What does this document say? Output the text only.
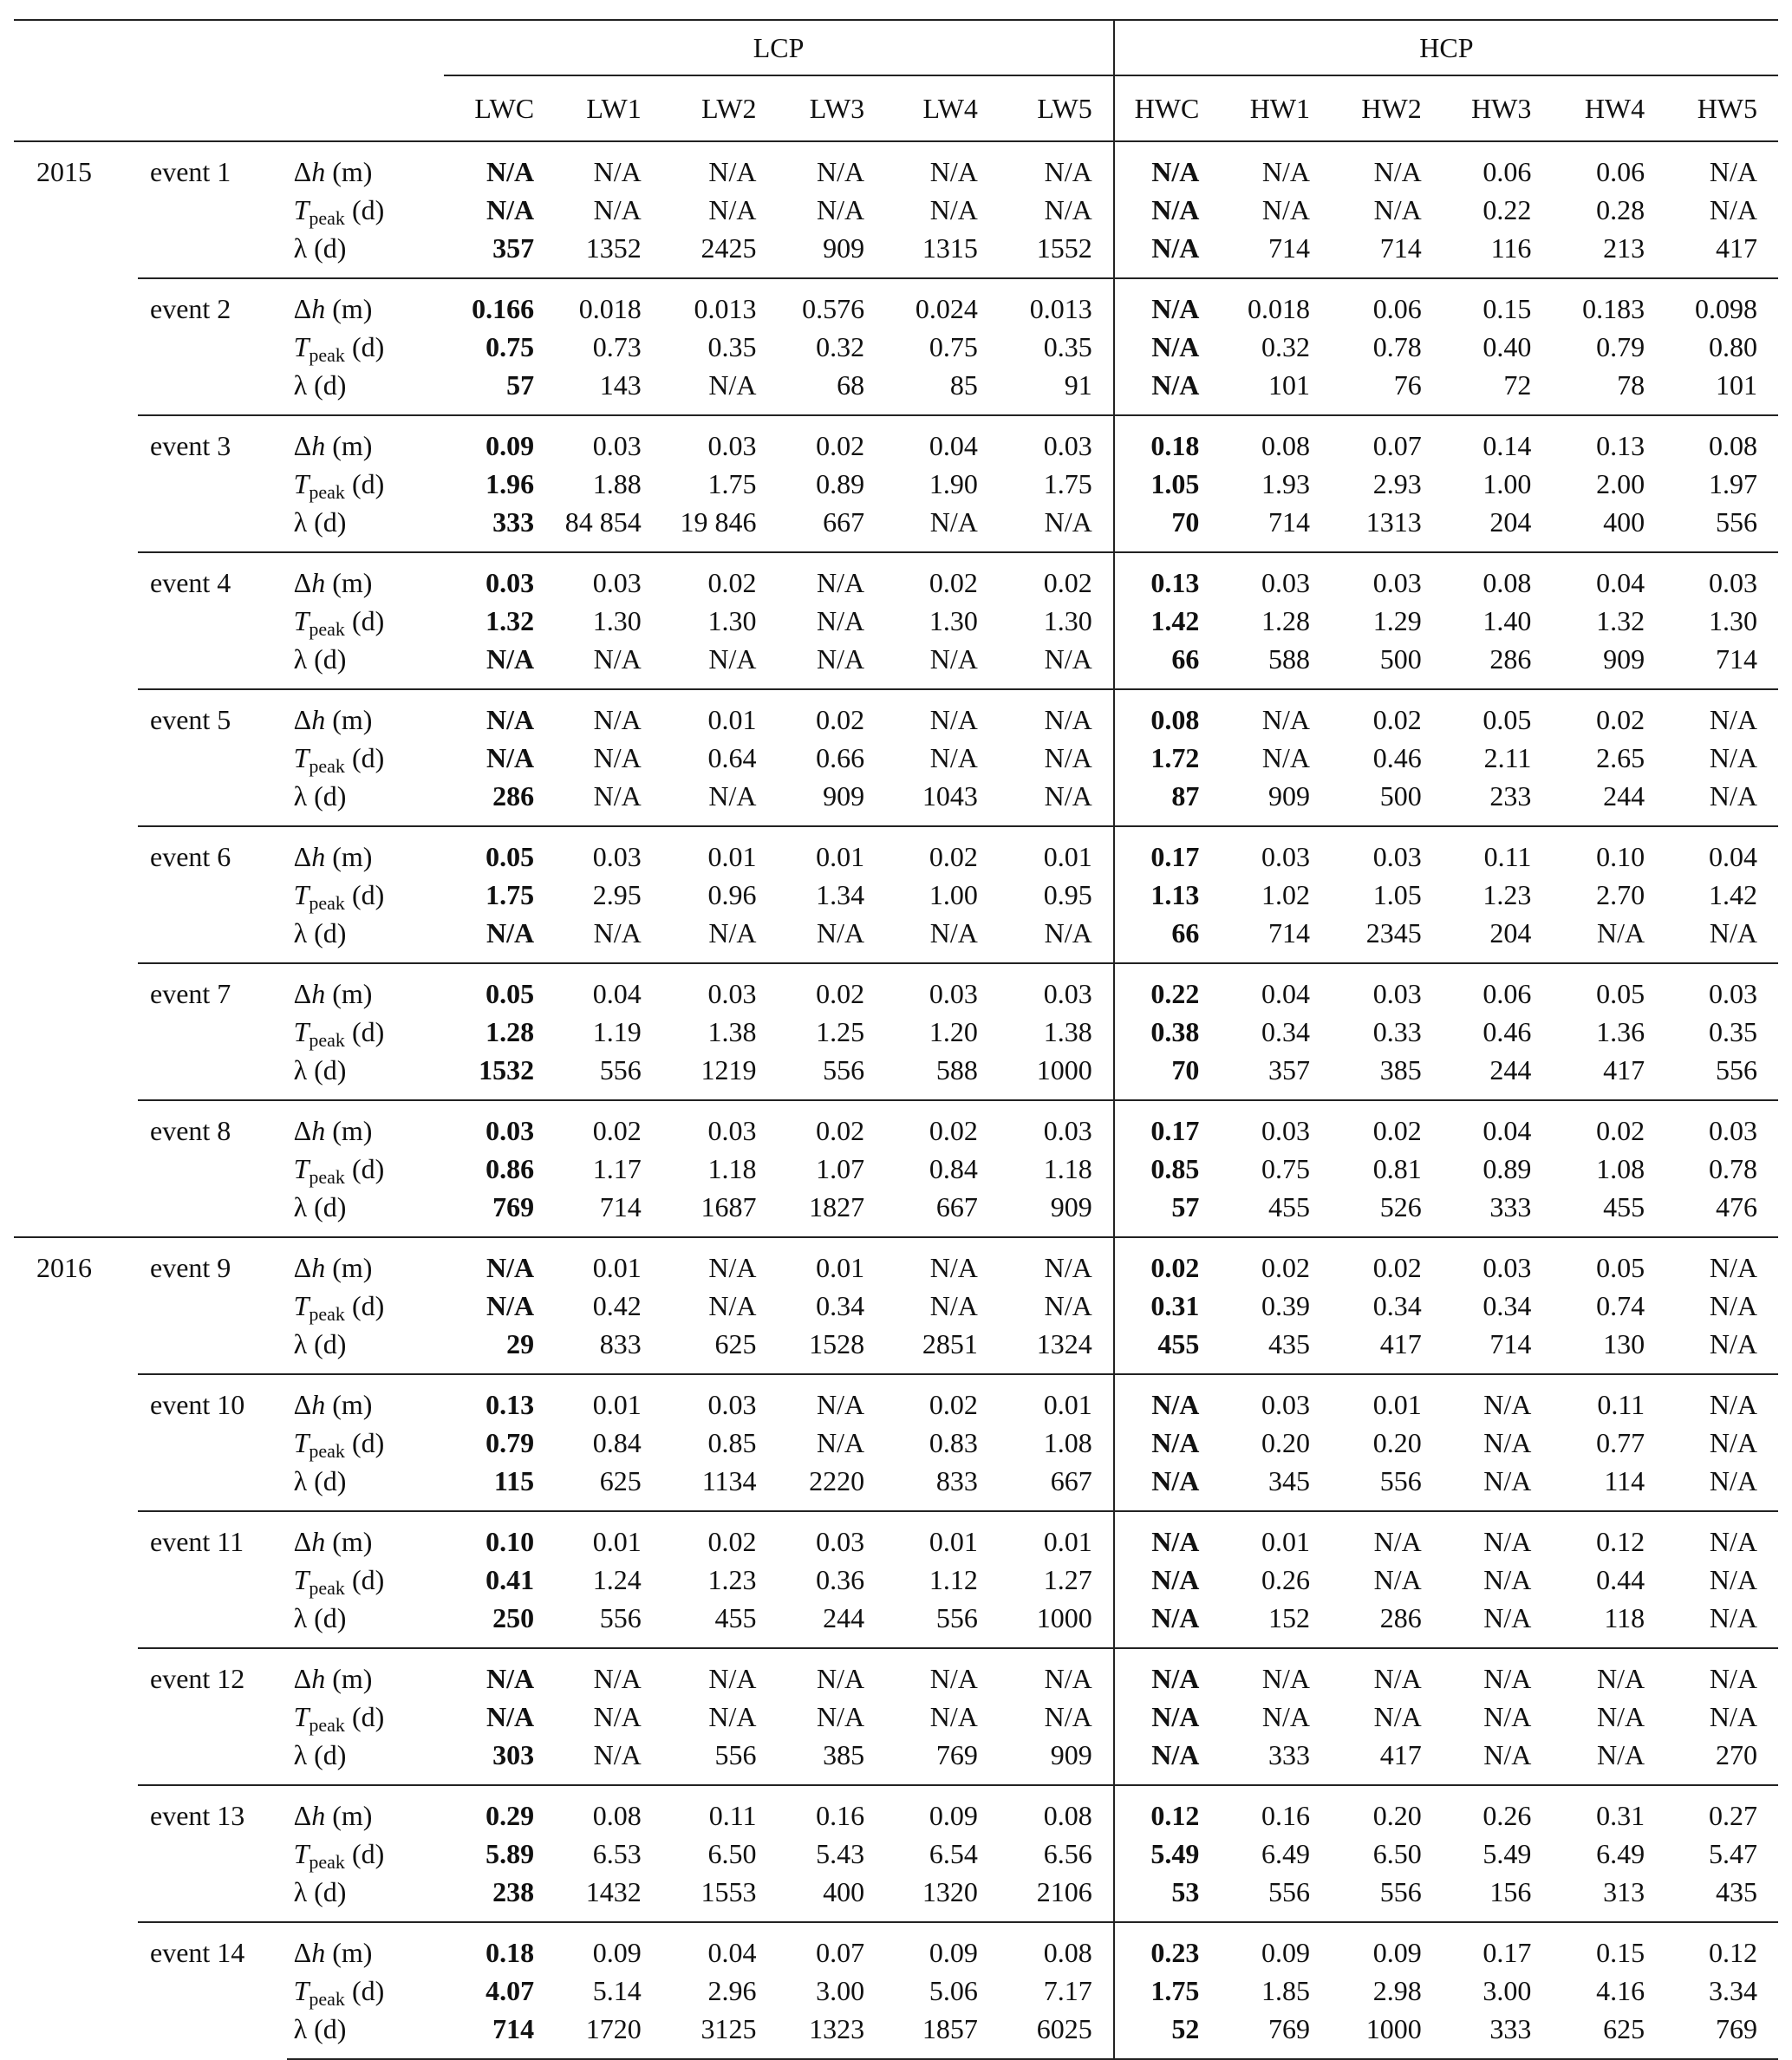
			LCP						HCP					
			LWC	LW1	LW2	LW3	LW4	LW5	HWC	HW1	HW2	HW3	HW4	HW5
2015	event 1	Δh (m)	N/A	N/A	N/A	N/A	N/A	N/A	N/A	N/A	N/A	0.06	0.06	N/A
		$T_{peak}$ (d)	N/A	N/A	N/A	N/A	N/A	N/A	N/A	N/A	N/A	0.22	0.28	N/A
		λ (d)	357	1352	2425	909	1315	1552	N/A	714	714	116	213	417
	event 2	Δh (m)	0.166	0.018	0.013	0.576	0.024	0.013	N/A	0.018	0.06	0.15	0.183	0.098
		$T_{peak}$ (d)	0.75	0.73	0.35	0.32	0.75	0.35	N/A	0.32	0.78	0.40	0.79	0.80
		λ (d)	57	143	N/A	68	85	91	N/A	101	76	72	78	101
	event 3	Δh (m)	0.09	0.03	0.03	0.02	0.04	0.03	0.18	0.08	0.07	0.14	0.13	0.08
		$T_{peak}$ (d)	1.96	1.88	1.75	0.89	1.90	1.75	1.05	1.93	2.93	1.00	2.00	1.97
		λ (d)	333	84 854	19 846	667	N/A	N/A	70	714	1313	204	400	556
	event 4	Δh (m)	0.03	0.03	0.02	N/A	0.02	0.02	0.13	0.03	0.03	0.08	0.04	0.03
		$T_{peak}$ (d)	1.32	1.30	1.30	N/A	1.30	1.30	1.42	1.28	1.29	1.40	1.32	1.30
		λ (d)	N/A	N/A	N/A	N/A	N/A	N/A	66	588	500	286	909	714
	event 5	Δh (m)	N/A	N/A	0.01	0.02	N/A	N/A	0.08	N/A	0.02	0.05	0.02	N/A
		$T_{peak}$ (d)	N/A	N/A	0.64	0.66	N/A	N/A	1.72	N/A	0.46	2.11	2.65	N/A
		λ (d)	286	N/A	N/A	909	1043	N/A	87	909	500	233	244	N/A
	event 6	Δh (m)	0.05	0.03	0.01	0.01	0.02	0.01	0.17	0.03	0.03	0.11	0.10	0.04
		$T_{peak}$ (d)	1.75	2.95	0.96	1.34	1.00	0.95	1.13	1.02	1.05	1.23	2.70	1.42
		λ (d)	N/A	N/A	N/A	N/A	N/A	N/A	66	714	2345	204	N/A	N/A
	event 7	Δh (m)	0.05	0.04	0.03	0.02	0.03	0.03	0.22	0.04	0.03	0.06	0.05	0.03
		$T_{peak}$ (d)	1.28	1.19	1.38	1.25	1.20	1.38	0.38	0.34	0.33	0.46	1.36	0.35
		λ (d)	1532	556	1219	556	588	1000	70	357	385	244	417	556
	event 8	Δh (m)	0.03	0.02	0.03	0.02	0.02	0.03	0.17	0.03	0.02	0.04	0.02	0.03
		$T_{peak}$ (d)	0.86	1.17	1.18	1.07	0.84	1.18	0.85	0.75	0.81	0.89	1.08	0.78
		λ (d)	769	714	1687	1827	667	909	57	455	526	333	455	476
2016	event 9	Δh (m)	N/A	0.01	N/A	0.01	N/A	N/A	0.02	0.02	0.02	0.03	0.05	N/A
		$T_{peak}$ (d)	N/A	0.42	N/A	0.34	N/A	N/A	0.31	0.39	0.34	0.34	0.74	N/A
		λ (d)	29	833	625	1528	2851	1324	455	435	417	714	130	N/A
	event 10	Δh (m)	0.13	0.01	0.03	N/A	0.02	0.01	N/A	0.03	0.01	N/A	0.11	N/A
		$T_{peak}$ (d)	0.79	0.84	0.85	N/A	0.83	1.08	N/A	0.20	0.20	N/A	0.77	N/A
		λ (d)	115	625	1134	2220	833	667	N/A	345	556	N/A	114	N/A
	event 11	Δh (m)	0.10	0.01	0.02	0.03	0.01	0.01	N/A	0.01	N/A	N/A	0.12	N/A
		$T_{peak}$ (d)	0.41	1.24	1.23	0.36	1.12	1.27	N/A	0.26	N/A	N/A	0.44	N/A
		λ (d)	250	556	455	244	556	1000	N/A	152	286	N/A	118	N/A
	event 12	Δh (m)	N/A	N/A	N/A	N/A	N/A	N/A	N/A	N/A	N/A	N/A	N/A	N/A
		$T_{peak}$ (d)	N/A	N/A	N/A	N/A	N/A	N/A	N/A	N/A	N/A	N/A	N/A	N/A
		λ (d)	303	N/A	556	385	769	909	N/A	333	417	N/A	N/A	270
	event 13	Δh (m)	0.29	0.08	0.11	0.16	0.09	0.08	0.12	0.16	0.20	0.26	0.31	0.27
		$T_{peak}$ (d)	5.89	6.53	6.50	5.43	6.54	6.56	5.49	6.49	6.50	5.49	6.49	5.47
		λ (d)	238	1432	1553	400	1320	2106	53	556	556	156	313	435
	event 14	Δh (m)	0.18	0.09	0.04	0.07	0.09	0.08	0.23	0.09	0.09	0.17	0.15	0.12
		$T_{peak}$ (d)	4.07	5.14	2.96	3.00	5.06	7.17	1.75	1.85	2.98	3.00	4.16	3.34
		λ (d)	714	1720	3125	1323	1857	6025	52	769	1000	333	625	769
